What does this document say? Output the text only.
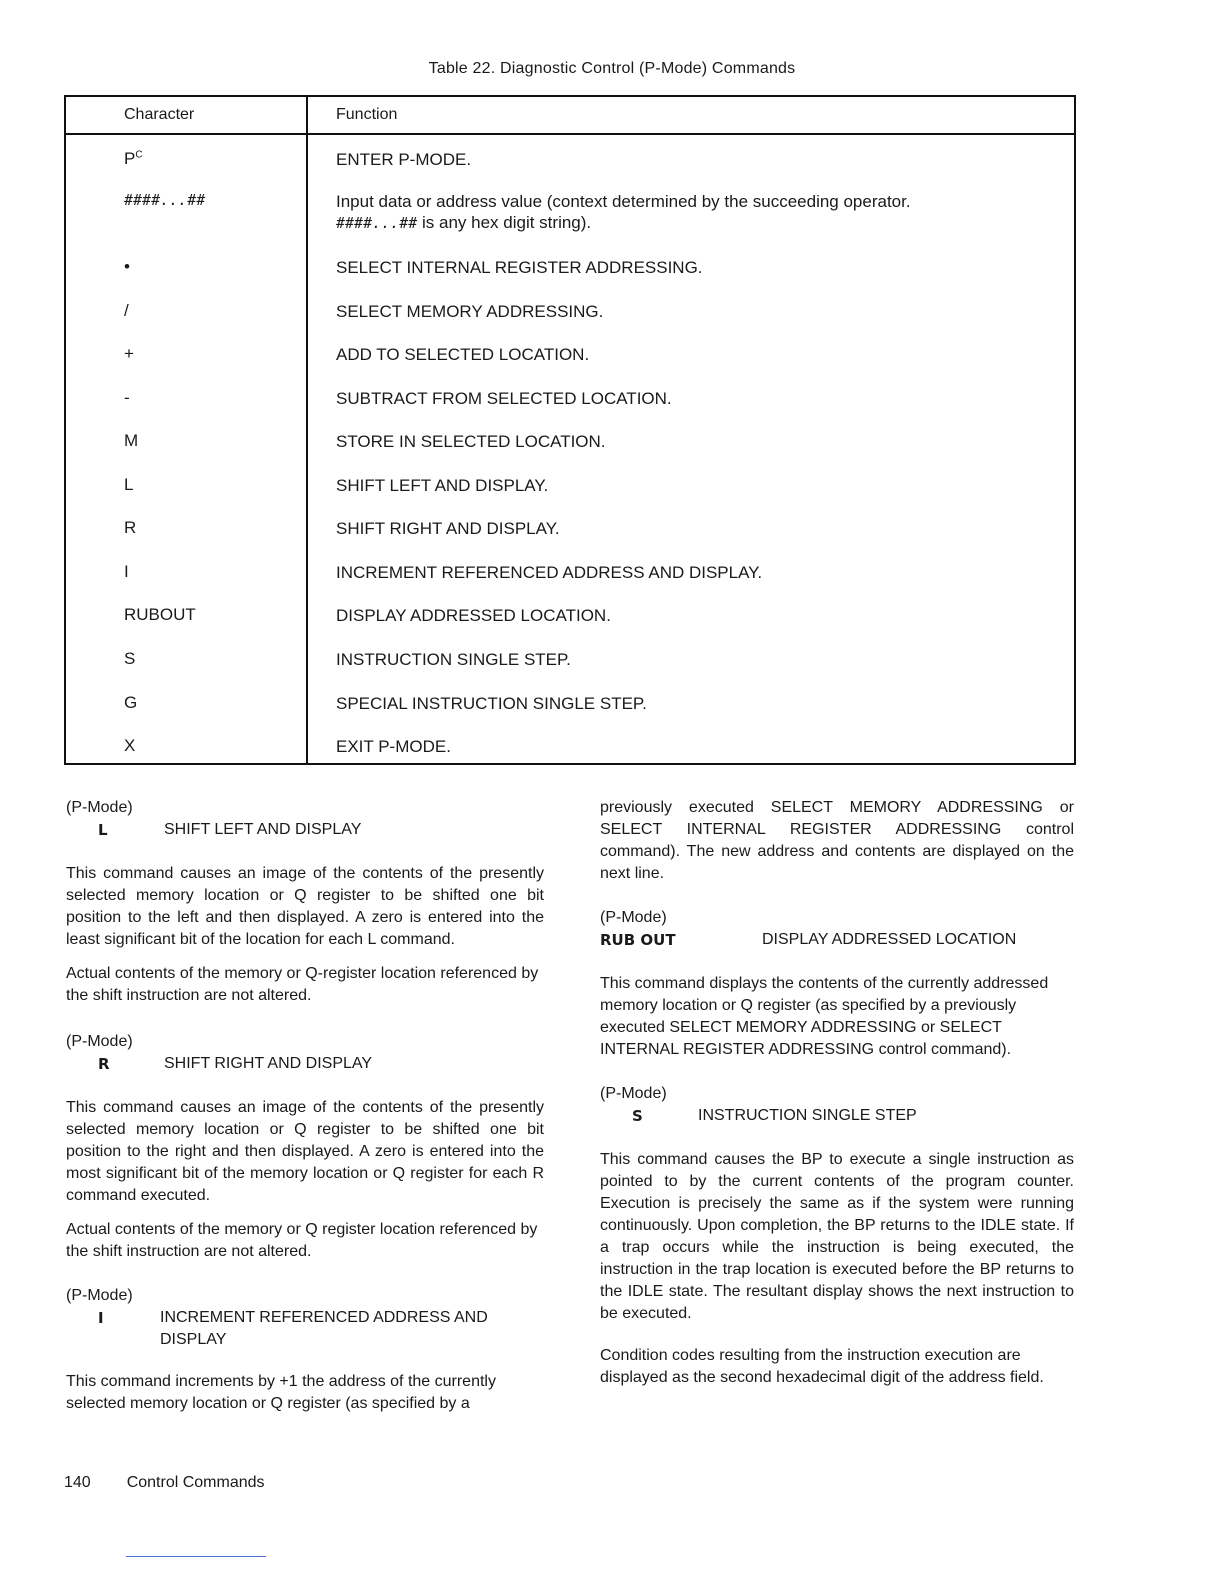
Table 22. Diagnostic Control (P-Mode) Commands
Character	Function
$P^C$	ENTER P-MODE.
####...##	Input data or address value (context determined by the succeeding operator.
####...## is any hex digit string).
•	SELECT INTERNAL REGISTER ADDRESSING.
/	SELECT MEMORY ADDRESSING.
+	ADD TO SELECTED LOCATION.
-	SUBTRACT FROM SELECTED LOCATION.
M	STORE IN SELECTED LOCATION.
L	SHIFT LEFT AND DISPLAY.
R	SHIFT RIGHT AND DISPLAY.
I	INCREMENT REFERENCED ADDRESS AND DISPLAY.
RUBOUT	DISPLAY ADDRESSED LOCATION.
S	INSTRUCTION SINGLE STEP.
G	SPECIAL INSTRUCTION SINGLE STEP.
X	EXIT P-MODE.
(P-Mode)
L	SHIFT LEFT AND DISPLAY

This command causes an image of the contents of the presently selected memory location or Q register to be shifted one bit position to the left and then displayed. A zero is entered into the least significant bit of the location for each L command.

Actual contents of the memory or Q-register location referenced by the shift instruction are not altered.

(P-Mode)
R	SHIFT RIGHT AND DISPLAY

This command causes an image of the contents of the presently selected memory location or Q register to be shifted one bit position to the right and then displayed. A zero is entered into the most significant bit of the memory location or Q register for each R command executed.

Actual contents of the memory or Q register location referenced by the shift instruction are not altered.

(P-Mode)
I	INCREMENT REFERENCED ADDRESS AND DISPLAY

This command increments by +1 the address of the currently selected memory location or Q register (as specified by a

previously executed SELECT MEMORY ADDRESSING or SELECT INTERNAL REGISTER ADDRESSING control command). The new address and contents are displayed on the next line.

(P-Mode)
RUB OUT	DISPLAY ADDRESSED LOCATION

This command displays the contents of the currently addressed memory location or Q register (as specified by a previously executed SELECT MEMORY ADDRESSING or SELECT INTERNAL REGISTER ADDRESSING control command).

(P-Mode)
S	INSTRUCTION SINGLE STEP

This command causes the BP to execute a single instruction as pointed to by the current contents of the program counter. Execution is precisely the same as if the system were running continuously. Upon completion, the BP returns to the IDLE state. If a trap occurs while the instruction is being executed, the instruction in the trap location is executed before the BP returns to the IDLE state. The resultant display shows the next instruction to be executed.

Condition codes resulting from the instruction execution are displayed as the second hexadecimal digit of the address field.

140 Control Commands
